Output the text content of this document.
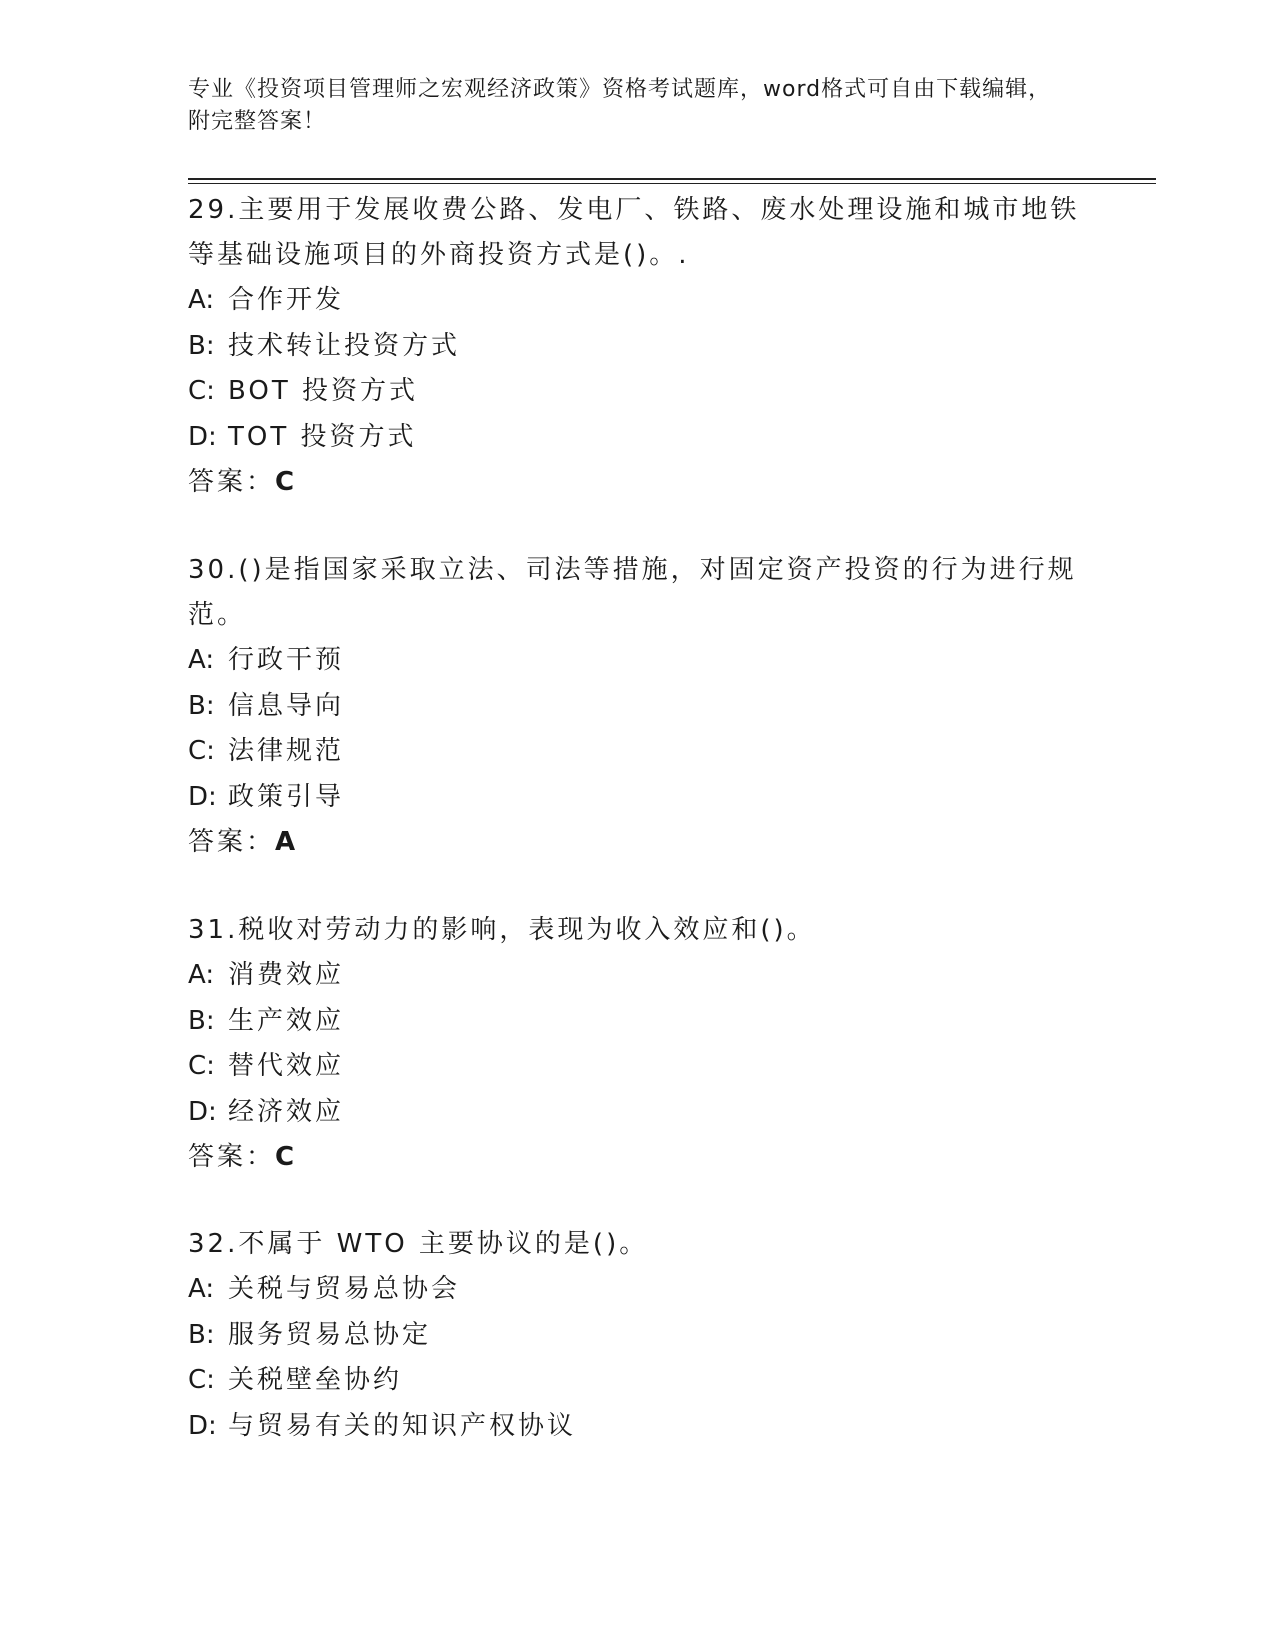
专业《投资项目管理师之宏观经济政策》资格考试题库，word格式可自由下载编辑，附完整答案！

29.主要用于发展收费公路、发电厂、铁路、废水处理设施和城市地铁等基础设施项目的外商投资方式是()。.

A: 合作开发
B: 技术转让投资方式
C: BOT 投资方式
D: TOT 投资方式
答案：C

30.()是指国家采取立法、司法等措施，对固定资产投资的行为进行规范。

A: 行政干预
B: 信息导向
C: 法律规范
D: 政策引导
答案：A

31.税收对劳动力的影响，表现为收入效应和()。

A: 消费效应
B: 生产效应
C: 替代效应
D: 经济效应
答案：C

32.不属于 WTO 主要协议的是()。

A: 关税与贸易总协会
B: 服务贸易总协定
C: 关税壁垒协约
D: 与贸易有关的知识产权协议
